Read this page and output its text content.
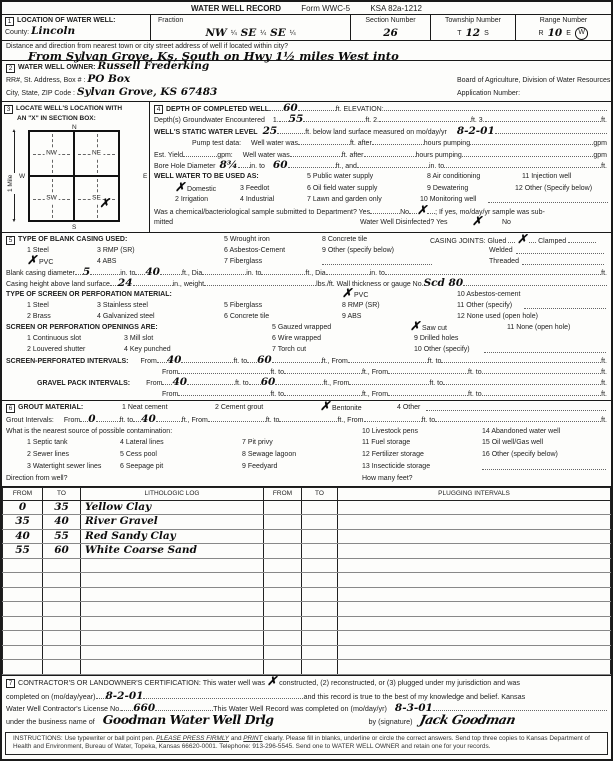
WATER WELL RECORD	Form WWC-5	KSA 82a-1212
1 LOCATION OF WATER WELL:
County: Lincoln
Fraction
NW ¼ SE ¼ SE ¼
Section Number
26
Township Number
T 12 S
Range Number
R 10 E	W
Distance and direction from nearest town or city street address of well if located within city?
From Sylvan Grove, Ks, South on Hwy 1½ miles West into
2 WATER WELL OWNER: Russell Frederking
RR#, St. Address, Box # : PO Box
City, State, ZIP Code : Sylvan Grove, KS 67483
Board of Agriculture, Division of Water Resources
Application Number:
3 LOCATE WELL'S LOCATION WITH
AN "X" IN SECTION BOX:
N
S
W	E
▲ 1 Mile
▼
NW	NE
SW	SE
✗
4 DEPTH OF COMPLETED WELL 60	ft. ELEVATION:
Depth(s) Groundwater Encountered 1. 55	ft. 2.	ft. 3.	ft.
WELL'S STATIC WATER LEVEL 25	ft. below land surface measured on mo/day/yr 8-2-01
Pump test data: Well water was	ft. after	hours pumping	gpm
Est. Yield	gpm: Well water was	ft. after	hours pumping	gpm
Bore Hole Diameter 8¾ in. to 60	ft., and	in. to	ft.
WELL WATER TO BE USED AS:	5 Public water supply	8 Air conditioning	11 Injection well
✗ Domestic	3 Feedlot	6 Oil field water supply	9 Dewatering	12 Other (Specify below)
2 Irrigation	4 Industrial	7 Lawn and garden only	10 Monitoring well
Was a chemical/bacteriological sample submitted to Department? Yes	No ✗ ; If yes, mo/day/yr sample was sub-
mitted	Water Well Disinfected? Yes ✗	No
5 TYPE OF BLANK CASING USED:	5 Wrought iron	8 Concrete tile	CASING JOINTS: Glued ✗ Clamped
1 Steel	3 RMP (SR)	6 Asbestos-Cement	9 Other (specify below)	Welded
✗ PVC	4 ABS	7 Fiberglass	Threaded
Blank casing diameter 5	in. to 40	ft., Dia	in. to	ft., Dia	in. to	ft.
Casing height above land surface 24	in., weight	lbs./ft. Wall thickness or gauge No. Scd 80
TYPE OF SCREEN OR PERFORATION MATERIAL:	✗ PVC	10 Asbestos-cement
1 Steel	3 Stainless steel	5 Fiberglass	8 RMP (SR)	11 Other (specify)
2 Brass	4 Galvanized steel	6 Concrete tile	9 ABS	12 None used (open hole)
SCREEN OR PERFORATION OPENINGS ARE:	5 Gauzed wrapped	✗ Saw cut	11 None (open hole)
1 Continuous slot	3 Mill slot	6 Wire wrapped	9 Drilled holes
2 Louvered shutter	4 Key punched	7 Torch cut	10 Other (specify)
SCREEN-PERFORATED INTERVALS: From 40	ft. to 60	ft., From	ft. to	ft.
From	ft. to	ft., From	ft. to	ft.
GRAVEL PACK INTERVALS: From 40	ft. to 60	ft., From	ft. to	ft.
From	ft. to	ft., From	ft. to	ft.
6 GROUT MATERIAL:	1 Neat cement	2 Cement grout	✗ Bentonite	4 Other
Grout Intervals: From 0	ft. to 40	ft., From	ft. to	ft., From	ft. to	ft.
What is the nearest source of possible contamination:	10 Livestock pens	14 Abandoned water well
1 Septic tank	4 Lateral lines	7 Pit privy	11 Fuel storage	15 Oil well/Gas well
2 Sewer lines	5 Cess pool	8 Sewage lagoon	12 Fertilizer storage	16 Other (specify below)
3 Watertight sewer lines	6 Seepage pit	9 Feedyard	13 Insecticide storage
Direction from well?	How many feet?
FROM	TO	LITHOLOGIC LOG	FROM	TO	PLUGGING INTERVALS
0	35	Yellow Clay			
35	40	River Gravel			
40	55	Red Sandy Clay			
55	60	White Coarse Sand			

7 CONTRACTOR'S OR LANDOWNER'S CERTIFICATION: This water well was ✗ constructed, (2) reconstructed, or (3) plugged under my jurisdiction and was
completed on (mo/day/year) 8-2-01	and this record is true to the best of my knowledge and belief. Kansas
Water Well Contractor's License No. 660	This Water Well Record was completed on (mo/day/yr) 8-3-01
under the business name of Goodman Water Well Drlg	by (signature) Jack Goodman
INSTRUCTIONS: Use typewriter or ball point pen. PLEASE PRESS FIRMLY and PRINT clearly. Please fill in blanks, underline or circle the correct answers. Send top three copies to Kansas Department of Health and Environment, Bureau of Water, Topeka, Kansas 66620-0001. Telephone: 913-296-5545. Send one to WATER WELL OWNER and retain one for your records.
